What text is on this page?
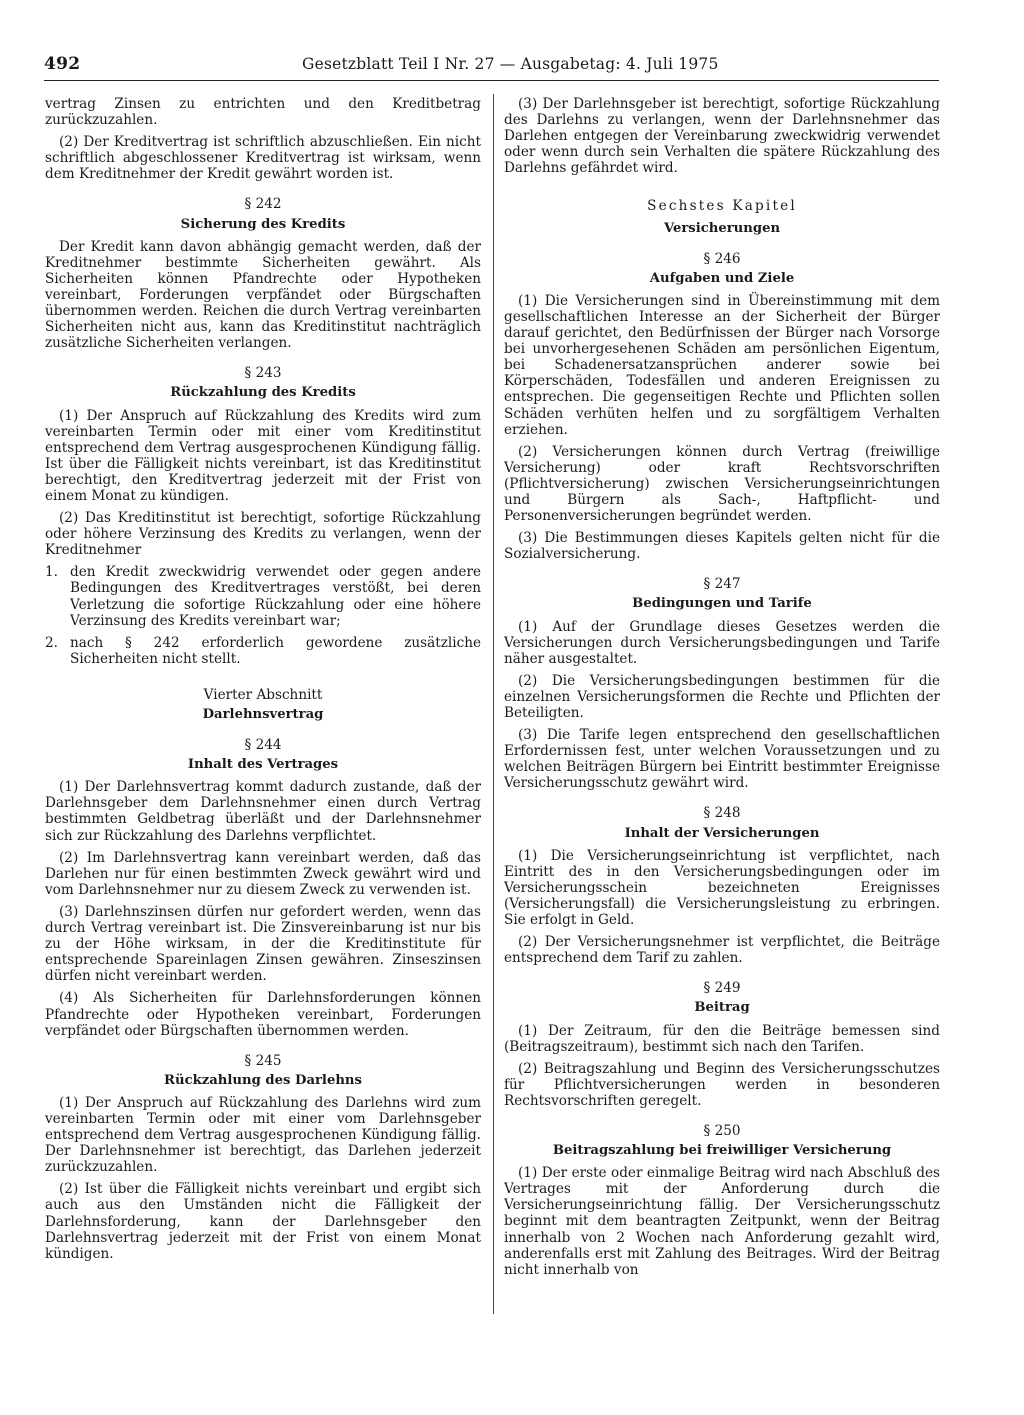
492	Gesetzblatt Teil I Nr. 27 — Ausgabetag: 4. Juli 1975

vertrag Zinsen zu entrichten und den Kreditbetrag zurückzuzahlen.

(2) Der Kreditvertrag ist schriftlich abzuschließen. Ein nicht schriftlich abgeschlossener Kreditvertrag ist wirksam, wenn dem Kreditnehmer der Kredit gewährt worden ist.

§ 242
Sicherung des Kredits

Der Kredit kann davon abhängig gemacht werden, daß der Kreditnehmer bestimmte Sicherheiten gewährt. Als Sicherheiten können Pfandrechte oder Hypotheken vereinbart, Forderungen verpfändet oder Bürgschaften übernommen werden. Reichen die durch Vertrag vereinbarten Sicherheiten nicht aus, kann das Kreditinstitut nachträglich zusätzliche Sicherheiten verlangen.

§ 243
Rückzahlung des Kredits

(1) Der Anspruch auf Rückzahlung des Kredits wird zum vereinbarten Termin oder mit einer vom Kreditinstitut entsprechend dem Vertrag ausgesprochenen Kündigung fällig. Ist über die Fälligkeit nichts vereinbart, ist das Kreditinstitut berechtigt, den Kreditvertrag jederzeit mit der Frist von einem Monat zu kündigen.

(2) Das Kreditinstitut ist berechtigt, sofortige Rückzahlung oder höhere Verzinsung des Kredits zu verlangen, wenn der Kreditnehmer

1. den Kredit zweckwidrig verwendet oder gegen andere Bedingungen des Kreditvertrages verstößt, bei deren Verletzung die sofortige Rückzahlung oder eine höhere Verzinsung des Kredits vereinbart war;
2. nach § 242 erforderlich gewordene zusätzliche Sicherheiten nicht stellt.
Vierter Abschnitt
Darlehnsvertrag
§ 244
Inhalt des Vertrages

(1) Der Darlehnsvertrag kommt dadurch zustande, daß der Darlehnsgeber dem Darlehnsnehmer einen durch Vertrag bestimmten Geldbetrag überläßt und der Darlehnsnehmer sich zur Rückzahlung des Darlehns verpflichtet.

(2) Im Darlehnsvertrag kann vereinbart werden, daß das Darlehen nur für einen bestimmten Zweck gewährt wird und vom Darlehnsnehmer nur zu diesem Zweck zu verwenden ist.

(3) Darlehnszinsen dürfen nur gefordert werden, wenn das durch Vertrag vereinbart ist. Die Zinsvereinbarung ist nur bis zu der Höhe wirksam, in der die Kreditinstitute für entsprechende Spareinlagen Zinsen gewähren. Zinseszinsen dürfen nicht vereinbart werden.

(4) Als Sicherheiten für Darlehnsforderungen können Pfandrechte oder Hypotheken vereinbart, Forderungen verpfändet oder Bürgschaften übernommen werden.

§ 245
Rückzahlung des Darlehns

(1) Der Anspruch auf Rückzahlung des Darlehns wird zum vereinbarten Termin oder mit einer vom Darlehnsgeber entsprechend dem Vertrag ausgesprochenen Kündigung fällig. Der Darlehnsnehmer ist berechtigt, das Darlehen jederzeit zurückzuzahlen.

(2) Ist über die Fälligkeit nichts vereinbart und ergibt sich auch aus den Umständen nicht die Fälligkeit der Darlehnsforderung, kann der Darlehnsgeber den Darlehnsvertrag jederzeit mit der Frist von einem Monat kündigen.

(3) Der Darlehnsgeber ist berechtigt, sofortige Rückzahlung des Darlehns zu verlangen, wenn der Darlehnsnehmer das Darlehen entgegen der Vereinbarung zweckwidrig verwendet oder wenn durch sein Verhalten die spätere Rückzahlung des Darlehns gefährdet wird.

Sechstes Kapitel
Versicherungen
§ 246
Aufgaben und Ziele

(1) Die Versicherungen sind in Übereinstimmung mit dem gesellschaftlichen Interesse an der Sicherheit der Bürger darauf gerichtet, den Bedürfnissen der Bürger nach Vorsorge bei unvorhergesehenen Schäden am persönlichen Eigentum, bei Schadenersatzansprüchen anderer sowie bei Körperschäden, Todesfällen und anderen Ereignissen zu entsprechen. Die gegenseitigen Rechte und Pflichten sollen Schäden verhüten helfen und zu sorgfältigem Verhalten erziehen.

(2) Versicherungen können durch Vertrag (freiwillige Versicherung) oder kraft Rechtsvorschriften (Pflichtversicherung) zwischen Versicherungseinrichtungen und Bürgern als Sach-, Haftpflicht- und Personenversicherungen begründet werden.

(3) Die Bestimmungen dieses Kapitels gelten nicht für die Sozialversicherung.

§ 247
Bedingungen und Tarife

(1) Auf der Grundlage dieses Gesetzes werden die Versicherungen durch Versicherungsbedingungen und Tarife näher ausgestaltet.

(2) Die Versicherungsbedingungen bestimmen für die einzelnen Versicherungsformen die Rechte und Pflichten der Beteiligten.

(3) Die Tarife legen entsprechend den gesellschaftlichen Erfordernissen fest, unter welchen Voraussetzungen und zu welchen Beiträgen Bürgern bei Eintritt bestimmter Ereignisse Versicherungsschutz gewährt wird.

§ 248
Inhalt der Versicherungen

(1) Die Versicherungseinrichtung ist verpflichtet, nach Eintritt des in den Versicherungsbedingungen oder im Versicherungsschein bezeichneten Ereignisses (Versicherungsfall) die Versicherungsleistung zu erbringen. Sie erfolgt in Geld.

(2) Der Versicherungsnehmer ist verpflichtet, die Beiträge entsprechend dem Tarif zu zahlen.

§ 249
Beitrag

(1) Der Zeitraum, für den die Beiträge bemessen sind (Beitragszeitraum), bestimmt sich nach den Tarifen.

(2) Beitragszahlung und Beginn des Versicherungsschutzes für Pflichtversicherungen werden in besonderen Rechtsvorschriften geregelt.

§ 250
Beitragszahlung bei freiwilliger Versicherung

(1) Der erste oder einmalige Beitrag wird nach Abschluß des Vertrages mit der Anforderung durch die Versicherungseinrichtung fällig. Der Versicherungsschutz beginnt mit dem beantragten Zeitpunkt, wenn der Beitrag innerhalb von 2 Wochen nach Anforderung gezahlt wird, anderenfalls erst mit Zahlung des Beitrages. Wird der Beitrag nicht innerhalb von
